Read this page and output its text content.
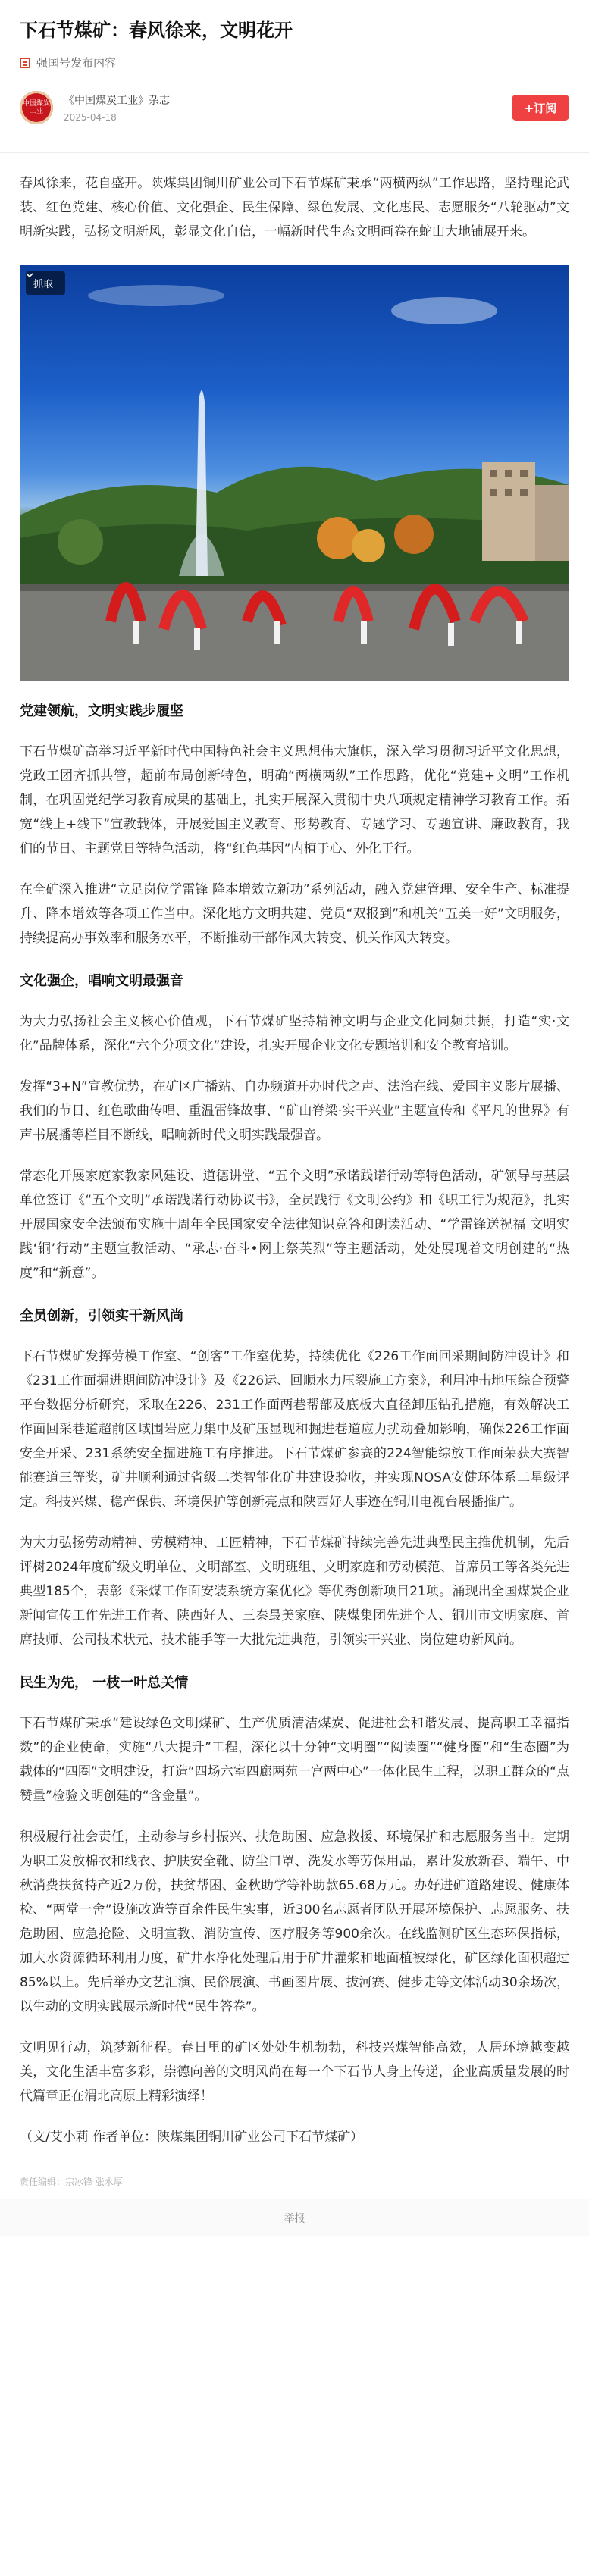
下石节煤矿：春风徐来，文明花开
强国号发布内容
中国煤炭工业
《中国煤炭工业》杂志
2025-04-18
+订阅

春风徐来，花自盛开。陕煤集团铜川矿业公司下石节煤矿秉承“两横两纵”工作思路，坚持理论武装、红色党建、核心价值、文化强企、民生保障、绿色发展、文化惠民、志愿服务“八轮驱动”文明新实践，弘扬文明新风，彰显文化自信，一幅新时代生态文明画卷在蛇山大地铺展开来。

抓取
党建领航，文明实践步履坚

下石节煤矿高举习近平新时代中国特色社会主义思想伟大旗帜，深入学习贯彻习近平文化思想，党政工团齐抓共管，超前布局创新特色，明确“两横两纵”工作思路，优化“党建+文明”工作机制，在巩固党纪学习教育成果的基础上，扎实开展深入贯彻中央八项规定精神学习教育工作。拓宽“线上+线下”宣教载体，开展爱国主义教育、形势教育、专题学习、专题宣讲、廉政教育，我们的节日、主题党日等特色活动，将“红色基因”内植于心、外化于行。

在全矿深入推进“立足岗位学雷锋 降本增效立新功”系列活动，融入党建管理、安全生产、标准提升、降本增效等各项工作当中。深化地方文明共建、党员“双报到”和机关“五美一好”文明服务，持续提高办事效率和服务水平，不断推动干部作风大转变、机关作风大转变。

文化强企，唱响文明最强音

为大力弘扬社会主义核心价值观，下石节煤矿坚持精神文明与企业文化同频共振，打造“实·文化”品牌体系，深化“六个分项文化”建设，扎实开展企业文化专题培训和安全教育培训。

发挥“3+N”宣教优势，在矿区广播站、自办频道开办时代之声、法治在线、爱国主义影片展播、我们的节日、红色歌曲传唱、重温雷锋故事、“矿山脊梁·实干兴业”主题宣传和《平凡的世界》有声书展播等栏目不断线，唱响新时代文明实践最强音。

常态化开展家庭家教家风建设、道德讲堂、“五个文明”承诺践诺行动等特色活动，矿领导与基层单位签订《“五个文明”承诺践诺行动协议书》，全员践行《文明公约》和《职工行为规范》，扎实开展国家安全法颁布实施十周年全民国家安全法律知识竞答和朗读活动、“学雷锋送祝福 文明实践‘铜’行动”主题宣教活动、“承志·奋斗•网上祭英烈”等主题活动，处处展现着文明创建的“热度”和“新意”。

全员创新，引领实干新风尚

下石节煤矿发挥劳模工作室、“创客”工作室优势，持续优化《226工作面回采期间防冲设计》和《231工作面掘进期间防冲设计》及《226运、回顺水力压裂施工方案》，利用冲击地压综合预警平台数据分析研究，采取在226、231工作面两巷帮部及底板大直径卸压钻孔措施，有效解决工作面回采巷道超前区域围岩应力集中及矿压显现和掘进巷道应力扰动叠加影响，确保226工作面安全开采、231系统安全掘进施工有序推进。下石节煤矿参赛的224智能综放工作面荣获大赛智能赛道三等奖，矿井顺利通过省级二类智能化矿井建设验收，并实现NOSA安健环体系二星级评定。科技兴煤、稳产保供、环境保护等创新亮点和陕西好人事迹在铜川电视台展播推广。

为大力弘扬劳动精神、劳模精神、工匠精神，下石节煤矿持续完善先进典型民主推优机制，先后评树2024年度矿级文明单位、文明部室、文明班组、文明家庭和劳动模范、首席员工等各类先进典型185个，表彰《采煤工作面安装系统方案优化》等优秀创新项目21项。涌现出全国煤炭企业新闻宣传工作先进工作者、陕西好人、三秦最美家庭、陕煤集团先进个人、铜川市文明家庭、首席技师、公司技术状元、技术能手等一大批先进典范，引领实干兴业、岗位建功新风尚。

民生为先， 一枝一叶总关情

下石节煤矿秉承“建设绿色文明煤矿、生产优质清洁煤炭、促进社会和谐发展、提高职工幸福指数”的企业使命，实施“八大提升”工程，深化以十分钟“文明圈”“阅读圈”“健身圈”和“生态圈”为载体的“四圈”文明建设，打造“四场六室四廊两苑一宫两中心”一体化民生工程，以职工群众的“点赞量”检验文明创建的“含金量”。

积极履行社会责任，主动参与乡村振兴、扶危助困、应急救援、环境保护和志愿服务当中。定期为职工发放棉衣和线衣、护肤安全靴、防尘口罩、洗发水等劳保用品，累计发放新春、端午、中秋消费扶贫特产近2万份，扶贫帮困、金秋助学等补助款65.68万元。办好进矿道路建设、健康体检、“两堂一舍”设施改造等百余件民生实事，近300名志愿者团队开展环境保护、志愿服务、扶危助困、应急抢险、文明宣教、消防宣传、医疗服务等900余次。在线监测矿区生态环保指标，加大水资源循环利用力度，矿井水净化处理后用于矿井灌浆和地面植被绿化，矿区绿化面积超过85%以上。先后举办文艺汇演、民俗展演、书画图片展、拔河赛、健步走等文体活动30余场次，以生动的文明实践展示新时代“民生答卷”。

文明见行动，筑梦新征程。春日里的矿区处处生机勃勃，科技兴煤智能高效，人居环境越变越美，文化生活丰富多彩，崇德向善的文明风尚在每一个下石节人身上传递，企业高质量发展的时代篇章正在渭北高原上精彩演绎！

（文/艾小莉 作者单位：陕煤集团铜川矿业公司下石节煤矿）

责任编辑：宗冰锋 张永厚
举报
